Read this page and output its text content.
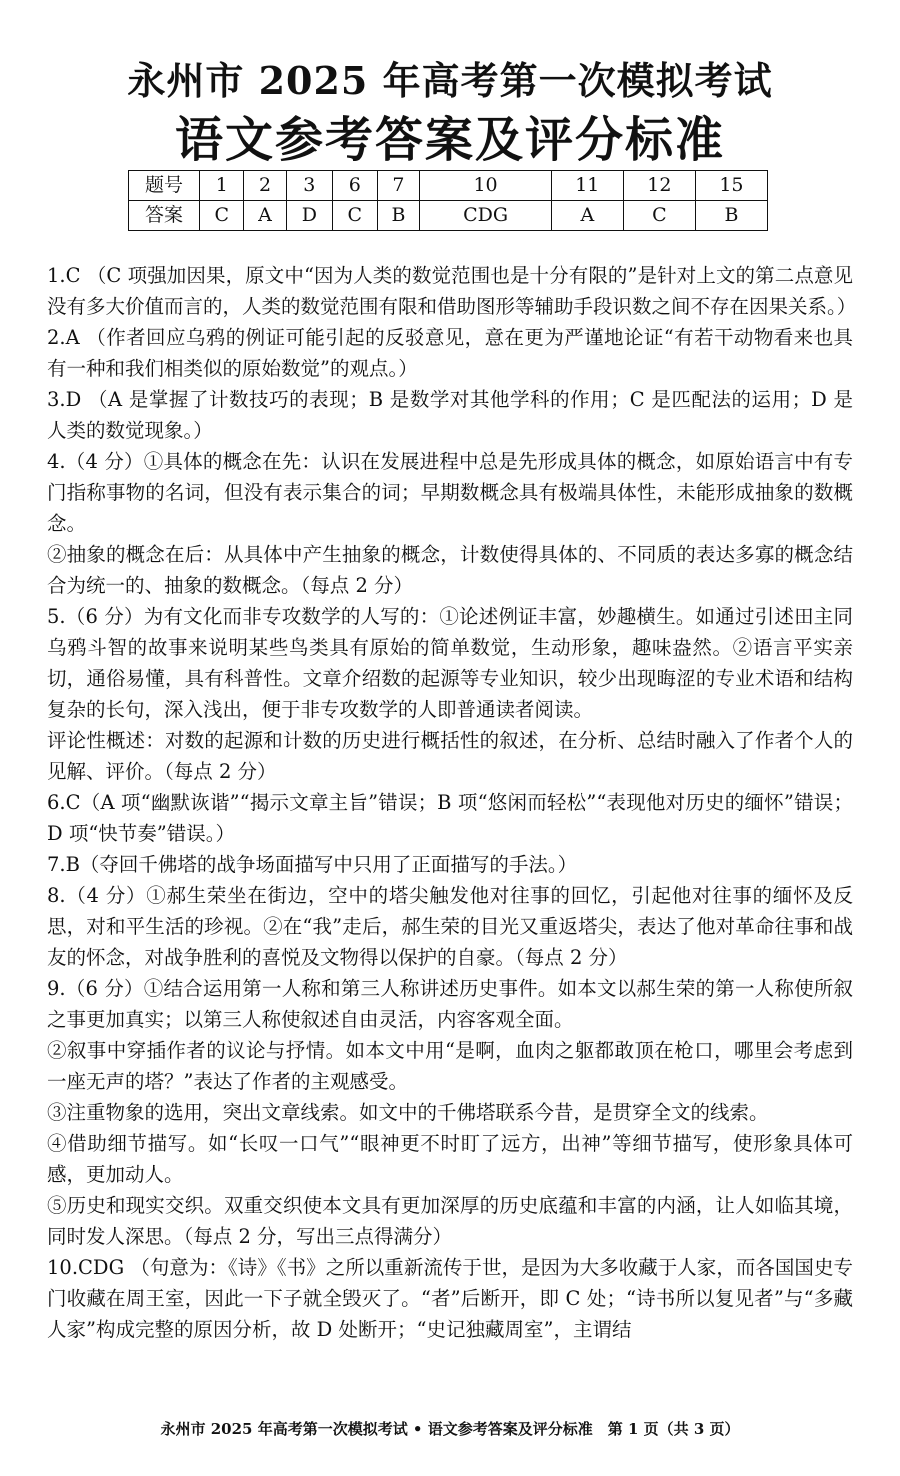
永州市 2025 年高考第一次模拟考试
语文参考答案及评分标准
题号	1	2	3	6	7	10	11	12	15
答案	C	A	D	C	B	CDG	A	C	B

1.C （C 项强加因果，原文中“因为人类的数觉范围也是十分有限的”是针对上文的第二点意见没有多大价值而言的，人类的数觉范围有限和借助图形等辅助手段识数之间不存在因果关系。）

2.A （作者回应乌鸦的例证可能引起的反驳意见，意在更为严谨地论证“有若干动物看来也具有一种和我们相类似的原始数觉”的观点。）

3.D （A 是掌握了计数技巧的表现；B 是数学对其他学科的作用；C 是匹配法的运用；D 是人类的数觉现象。）

4.（4 分）①具体的概念在先：认识在发展进程中总是先形成具体的概念，如原始语言中有专门指称事物的名词，但没有表示集合的词；早期数概念具有极端具体性，未能形成抽象的数概念。

②抽象的概念在后：从具体中产生抽象的概念，计数使得具体的、不同质的表达多寡的概念结合为统一的、抽象的数概念。（每点 2 分）

5.（6 分）为有文化而非专攻数学的人写的：①论述例证丰富，妙趣横生。如通过引述田主同乌鸦斗智的故事来说明某些鸟类具有原始的简单数觉，生动形象，趣味盎然。②语言平实亲切，通俗易懂，具有科普性。文章介绍数的起源等专业知识，较少出现晦涩的专业术语和结构复杂的长句，深入浅出，便于非专攻数学的人即普通读者阅读。

评论性概述：对数的起源和计数的历史进行概括性的叙述，在分析、总结时融入了作者个人的见解、评价。（每点 2 分）

6.C（A 项“幽默诙谐”“揭示文章主旨”错误；B 项“悠闲而轻松”“表现他对历史的缅怀”错误；D 项“快节奏”错误。）

7.B（夺回千佛塔的战争场面描写中只用了正面描写的手法。）

8.（4 分）①郝生荣坐在街边，空中的塔尖触发他对往事的回忆，引起他对往事的缅怀及反思，对和平生活的珍视。②在“我”走后，郝生荣的目光又重返塔尖，表达了他对革命往事和战友的怀念，对战争胜利的喜悦及文物得以保护的自豪。（每点 2 分）

9.（6 分）①结合运用第一人称和第三人称讲述历史事件。如本文以郝生荣的第一人称使所叙之事更加真实；以第三人称使叙述自由灵活，内容客观全面。

②叙事中穿插作者的议论与抒情。如本文中用“是啊，血肉之躯都敢顶在枪口，哪里会考虑到一座无声的塔？”表达了作者的主观感受。

③注重物象的选用，突出文章线索。如文中的千佛塔联系今昔，是贯穿全文的线索。

④借助细节描写。如“长叹一口气”“眼神更不时盯了远方，出神”等细节描写，使形象具体可感，更加动人。

⑤历史和现实交织。双重交织使本文具有更加深厚的历史底蕴和丰富的内涵，让人如临其境，同时发人深思。（每点 2 分，写出三点得满分）

10.CDG （句意为：《诗》《书》之所以重新流传于世，是因为大多收藏于人家，而各国国史专门收藏在周王室，因此一下子就全毁灭了。“者”后断开，即 C 处；“诗书所以复见者”与“多藏人家”构成完整的原因分析，故 D 处断开；“史记独藏周室”，主谓结

永州市 2025 年高考第一次模拟考试 • 语文参考答案及评分标准　第 1 页（共 3 页）
